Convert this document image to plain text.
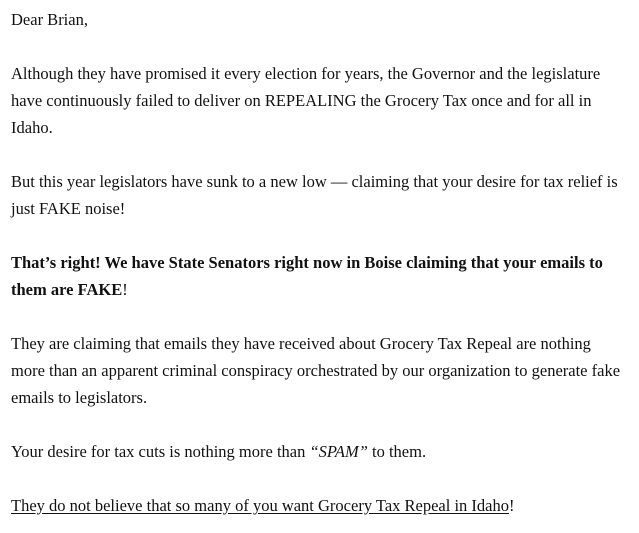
Dear Brian,

Although they have promised it every election for years, the Governor and the legislature have continuously failed to deliver on REPEALING the Grocery Tax once and for all in Idaho.

But this year legislators have sunk to a new low — claiming that your desire for tax relief is just FAKE noise!

That’s right! We have State Senators right now in Boise claiming that your emails to them are FAKE!

They are claiming that emails they have received about Grocery Tax Repeal are nothing more than an apparent criminal conspiracy orchestrated by our organization to generate fake emails to legislators.

Your desire for tax cuts is nothing more than “SPAM” to them.

They do not believe that so many of you want Grocery Tax Repeal in Idaho!
